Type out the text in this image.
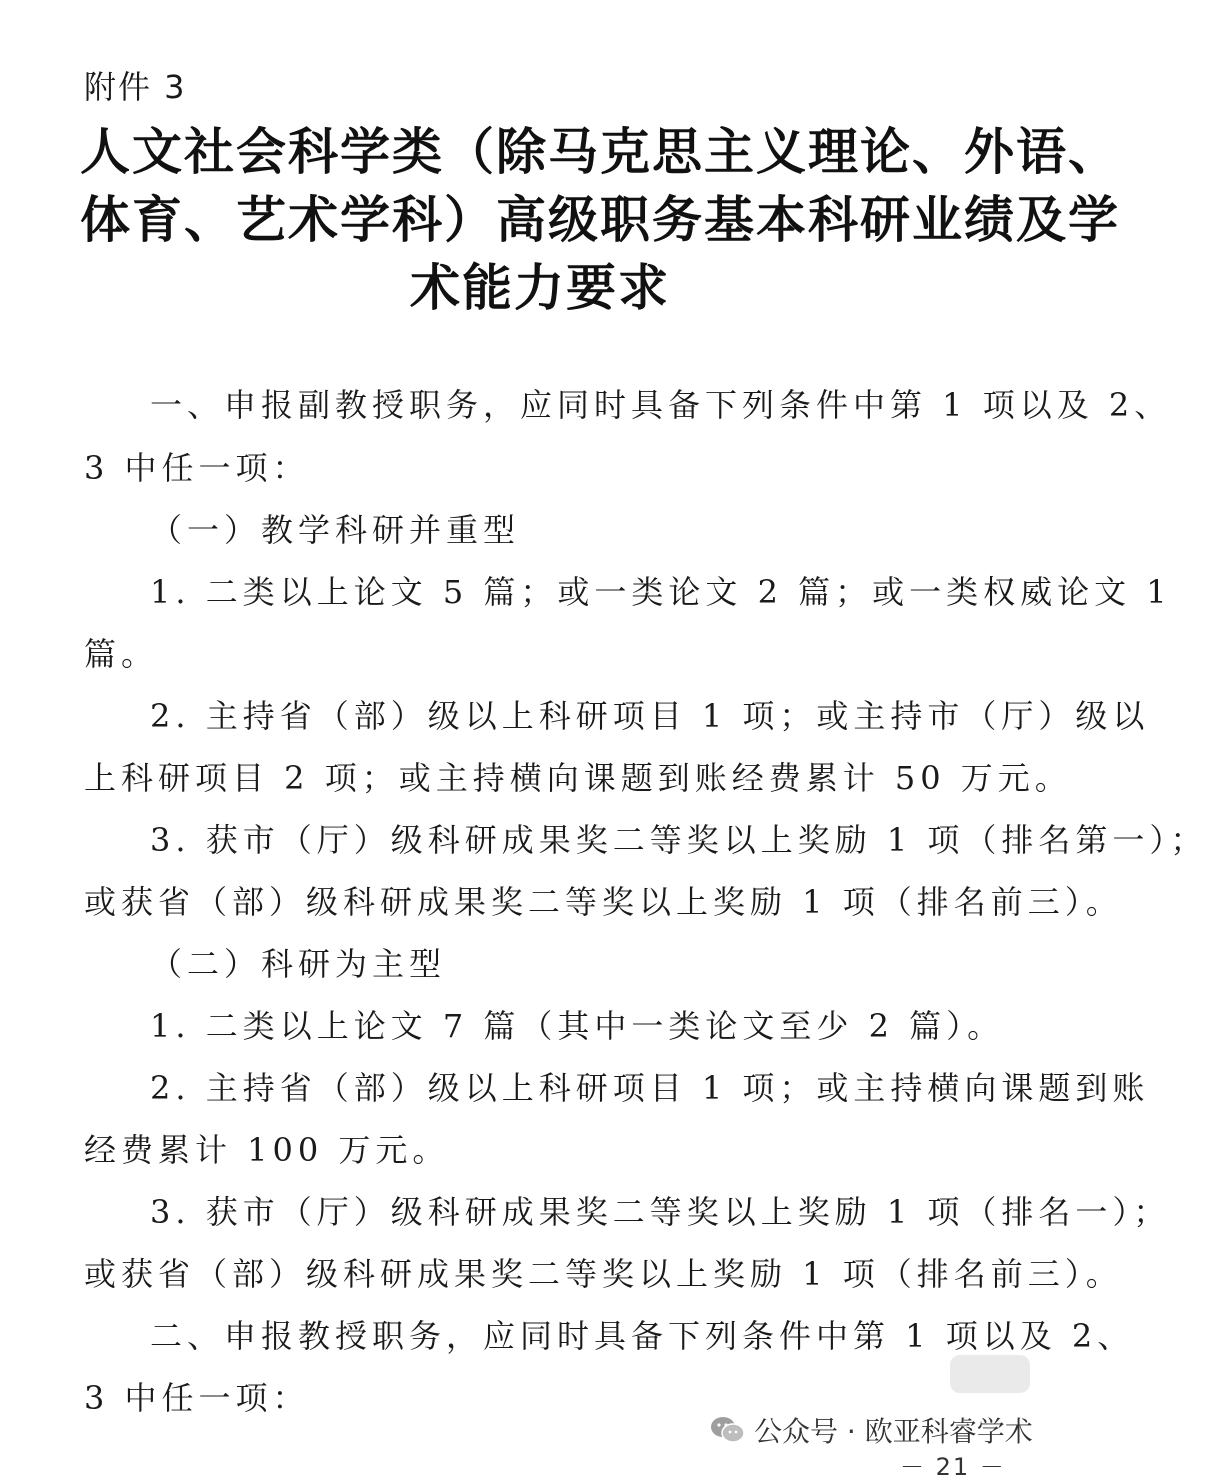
附件 3
人文社会科学类（除马克思主义理论、外语、
体育、艺术学科）高级职务基本科研业绩及学
术能力要求
一、申报副教授职务，应同时具备下列条件中第 1 项以及 2、
3 中任一项：
（一）教学科研并重型
1. 二类以上论文 5 篇；或一类论文 2 篇；或一类权威论文 1
篇。
2. 主持省（部）级以上科研项目 1 项；或主持市（厅）级以
上科研项目 2 项；或主持横向课题到账经费累计 50 万元。
3. 获市（厅）级科研成果奖二等奖以上奖励 1 项（排名第一）；
或获省（部）级科研成果奖二等奖以上奖励 1 项（排名前三）。
（二）科研为主型
1. 二类以上论文 7 篇（其中一类论文至少 2 篇）。
2. 主持省（部）级以上科研项目 1 项；或主持横向课题到账
经费累计 100 万元。
3. 获市（厅）级科研成果奖二等奖以上奖励 1 项（排名一）；
或获省（部）级科研成果奖二等奖以上奖励 1 项（排名前三）。
二、申报教授职务，应同时具备下列条件中第 1 项以及 2、
3 中任一项：
公众号 · 欧亚科睿学术
－ 21 －
